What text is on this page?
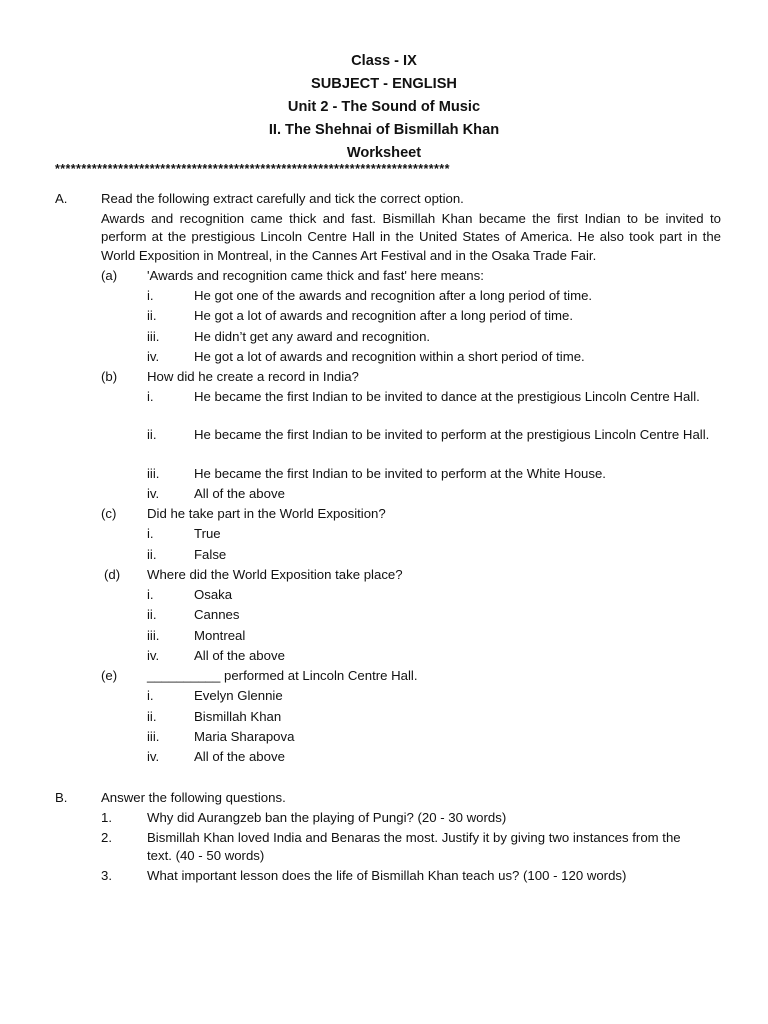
Class - IX
SUBJECT - ENGLISH
Unit 2 - The Sound of Music
II. The Shehnai of Bismillah Khan
Worksheet
***************************************************************************
A.	Read the following extract carefully and tick the correct option.
Awards and recognition came thick and fast. Bismillah Khan became the first Indian to be invited to perform at the prestigious Lincoln Centre Hall in the United States of America. He also took part in the World Exposition in Montreal, in the Cannes Art Festival and in the Osaka Trade Fair.
(a) 'Awards and recognition came thick and fast' here means:
i.	He got one of the awards and recognition after a long period of time.
ii.	He got a lot of awards and recognition after a long period of time.
iii.	He didn’t get any award and recognition.
iv.	He got a lot of awards and recognition within a short period of time.
(b) How did he create a record in India?
i.	He became the first Indian to be invited to dance at the prestigious Lincoln Centre Hall.
ii.	He became the first Indian to be invited to perform at the prestigious Lincoln Centre Hall.
iii.	He became the first Indian to be invited to perform at the White House.
iv.	All of the above
(c) Did he take part in the World Exposition?
i.	True
ii.	False
(d) Where did the World Exposition take place?
i.	Osaka
ii.	Cannes
iii.	Montreal
iv.	All of the above
(e) __________ performed at Lincoln Centre Hall.
i.	Evelyn Glennie
ii.	Bismillah Khan
iii.	Maria Sharapova
iv.	All of the above
B.	Answer the following questions.
1.	Why did Aurangzeb ban the playing of Pungi? (20 - 30 words)
2.	Bismillah Khan loved India and Benaras the most. Justify it by giving two instances from the text. (40 - 50 words)
3.	What important lesson does the life of Bismillah Khan teach us? (100 - 120 words)
